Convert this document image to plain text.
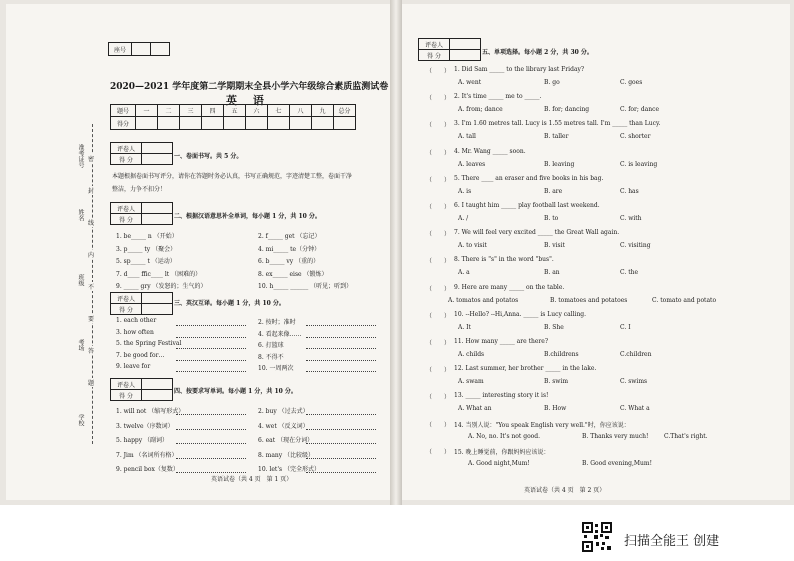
座号		
2020—2021 学年度第二学期期末全县小学六年级综合素质监测试卷
英 语
题号	一	二	三	四	五	六	七	八	九	总分
得分										
准考证号
姓名
班级
考场
学校
密
封
线
内
不
要
答
题
评卷人	
得 分		一、卷面书写。共 5 分。
本题根据卷面书写评分，请你在答题时务必认真，书写正确规范，字迹清楚工整，卷面干净
整洁，力争不扣分！
评卷人	
得 分		二、根据汉语意思补全单词，每小题 1 分，共 10 分。
1. be_____ n （开始）	2. f_____ get （忘记）
3. p_____ ty （聚会）	4. mi_____ te（分钟）
5. sp_____ t （运动）	6. b_____ vy （重的）
7. d____ ffic____ lt （困难的）	8. ex_____ eise （锻炼）
9. _____ gry （发怒的；生气的）	10. h_____ ______ （听见；听到）
评卷人	
得 分	
三、英汉互译。每小题 1 分，共 10 分。
1. each other	2. 按时；准时
3. how often	4. 看起来像……
5. the Spring Festival	6. 打篮球
7. be good for…	8. 不得不
9. leave for	10. 一周两次
评卷人	
得 分	
四、按要求写单词。每小题 1 分，共 10 分。
1. will not （缩写形式）	2. buy （过去式）
3. twelve（序数词）	4. wet （反义词）
5. happy （副词）	6. eat （现在分词）
7. Jim （名词所有格）	8. many （比较级）
9. pencil box（复数）	10. let's （完全形式）
英语试卷（共 4 页　第 1 页）
评卷人	
得 分		五、单项选择。每小题 2 分，共 30 分。
（　　） 1. Did Sam _____ to the library last Friday?
A. went	B. go	C. goes
（　　） 2. It's time _____ me to _____.
A. from; dance	B. for; dancing	C. for; dance
（　　） 3. I'm 1.60 metres tall. Lucy is 1.55 metres tall. I'm _____ than Lucy.
A. tall	B. taller	C. shorter
（　　） 4. Mr. Wang _____ soon.
A. leaves	B. leaving	C. is leaving
（　　） 5. There ____ an eraser and five books in his bag.
A. is	B. are	C. has
（　　） 6. I taught him _____ play football last weekend.
A. /	B. to	C. with
（　　） 7. We will feel very excited _____ the Great Wall again.
A. to visit	B. visit	C. visiting
（　　） 8. There is "s" in the word "bus".
A. a	B. an	C. the
（　　） 9. Here are many _____ on the table.
A. tomatos and potatos	B. tomatoes and potatoes	C. tomato and potato
（　　） 10. --Hello? --Hi,Anna. _____ is Lucy calling.
A. It	B. She	C. I
（　　） 11. How many _____ are there?
A. childs	B.childrens	C.children
（　　） 12. Last summer, her brother _____ in the lake.
A. swam	B. swim	C. swims
（　　） 13. _____ interesting story it is!
A. What an	B. How	C. What a
（　　） 14. 当别人说："You speak English very well."时，你应该说：
A. No, no. It's not good.	B. Thanks very much!	C.That's right.
（　　） 15. 晚上睡觉前，你跟妈妈应该说：
A. Good night,Mum!	B. Good evening,Mum!
英语试卷（共 4 页　第 2 页）
扫描全能王 创建
